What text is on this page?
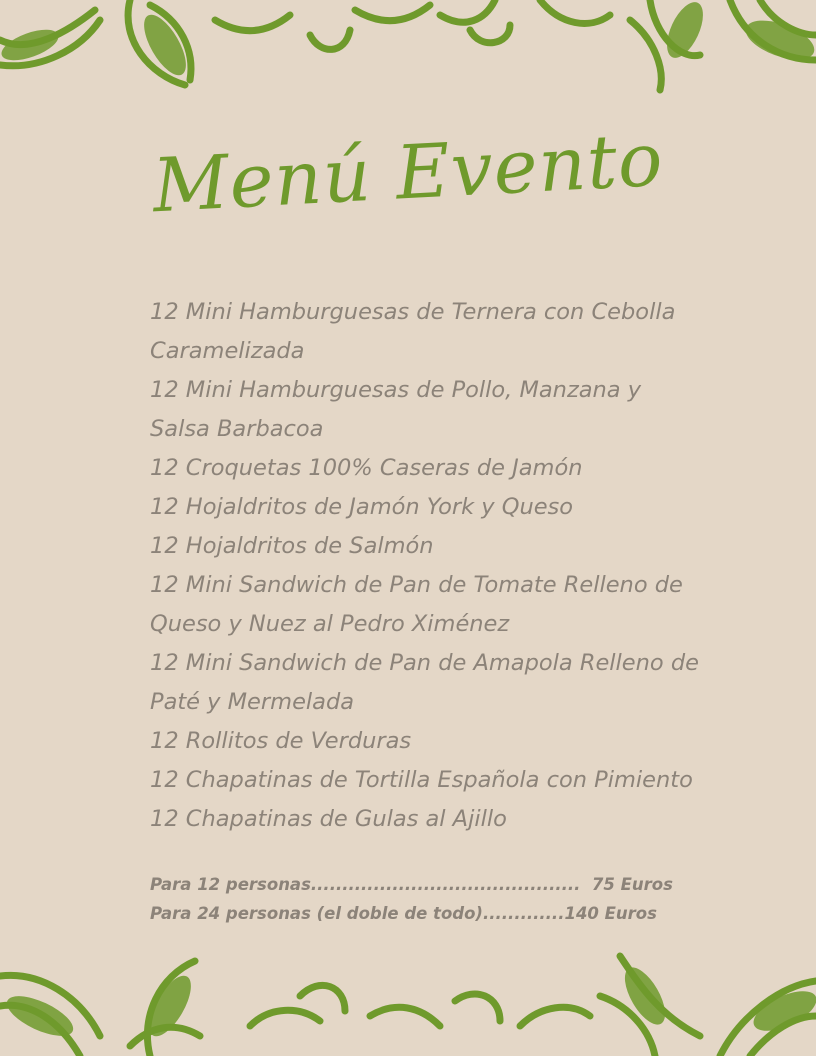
Menú Evento
12 Mini Hamburguesas de Ternera con Cebolla
Caramelizada
12 Mini Hamburguesas de Pollo, Manzana y
Salsa Barbacoa
12 Croquetas 100% Caseras de Jamón
12 Hojaldritos de Jamón York y Queso
12 Hojaldritos de Salmón
12 Mini Sandwich de Pan de Tomate Relleno de
Queso y Nuez al Pedro Ximénez
12 Mini Sandwich de Pan de Amapola Relleno de
Paté y Mermelada
12 Rollitos de Verduras
12 Chapatinas de Tortilla Española con Pimiento
12 Chapatinas de Gulas al Ajillo
Para 12 personas...........................................  75 Euros
Para 24 personas (el doble de todo).............140 Euros
